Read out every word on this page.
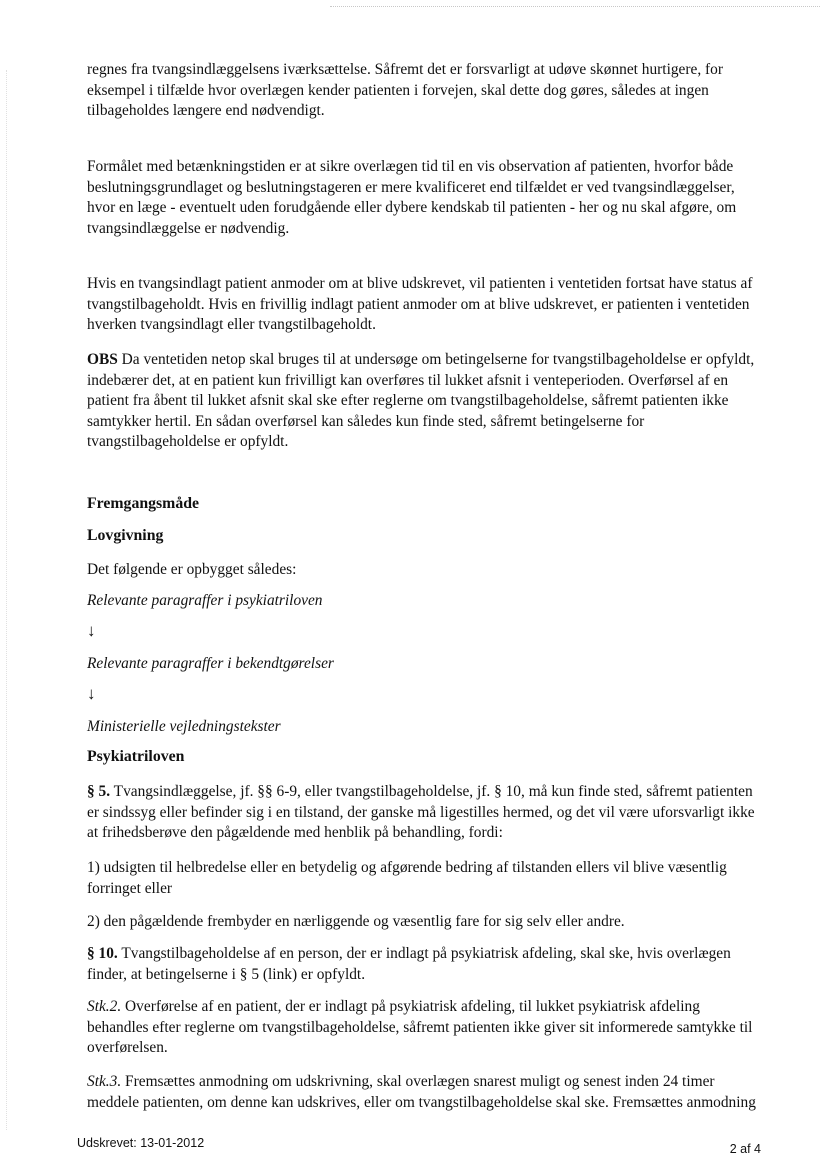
regnes fra tvangsindlæggelsens iværksættelse. Såfremt det er forsvarligt at udøve skønnet hurtigere, for eksempel i tilfælde hvor overlægen kender patienten i forvejen, skal dette dog gøres, således at ingen tilbageholdes længere end nødvendigt.

Formålet med betænkningstiden er at sikre overlægen tid til en vis observation af patienten, hvorfor både beslutningsgrundlaget og beslutningstageren er mere kvalificeret end tilfældet er ved tvangsindlæggelser, hvor en læge - eventuelt uden forudgående eller dybere kendskab til patienten - her og nu skal afgøre, om tvangsindlæggelse er nødvendig.

Hvis en tvangsindlagt patient anmoder om at blive udskrevet, vil patienten i ventetiden fortsat have status af tvangstilbageholdt. Hvis en frivillig indlagt patient anmoder om at blive udskrevet, er patienten i ventetiden hverken tvangsindlagt eller tvangstilbageholdt.

OBS Da ventetiden netop skal bruges til at undersøge om betingelserne for tvangstilbageholdelse er opfyldt, indebærer det, at en patient kun frivilligt kan overføres til lukket afsnit i venteperioden. Overførsel af en patient fra åbent til lukket afsnit skal ske efter reglerne om tvangstilbageholdelse, såfremt patienten ikke samtykker hertil. En sådan overførsel kan således kun finde sted, såfremt betingelserne for tvangstilbageholdelse er opfyldt.

Fremgangsmåde

Lovgivning

Det følgende er opbygget således:

Relevante paragraffer i psykiatriloven

↓

Relevante paragraffer i bekendtgørelser

↓

Ministerielle vejledningstekster

Psykiatriloven

§ 5. Tvangsindlæggelse, jf. §§ 6-9, eller tvangstilbageholdelse, jf. § 10, må kun finde sted, såfremt patienten er sindssyg eller befinder sig i en tilstand, der ganske må ligestilles hermed, og det vil være uforsvarligt ikke at frihedsberøve den pågældende med henblik på behandling, fordi:

1) udsigten til helbredelse eller en betydelig og afgørende bedring af tilstanden ellers vil blive væsentlig forringet eller

2) den pågældende frembyder en nærliggende og væsentlig fare for sig selv eller andre.

§ 10. Tvangstilbageholdelse af en person, der er indlagt på psykiatrisk afdeling, skal ske, hvis overlægen finder, at betingelserne i § 5 (link) er opfyldt.

Stk.2. Overførelse af en patient, der er indlagt på psykiatrisk afdeling, til lukket psykiatrisk afdeling behandles efter reglerne om tvangstilbageholdelse, såfremt patienten ikke giver sit informerede samtykke til overførelsen.

Stk.3. Fremsættes anmodning om udskrivning, skal overlægen snarest muligt og senest inden 24 timer meddele patienten, om denne kan udskrives, eller om tvangstilbageholdelse skal ske. Fremsættes anmodning

Udskrevet: 13-01-2012	2 af 4
